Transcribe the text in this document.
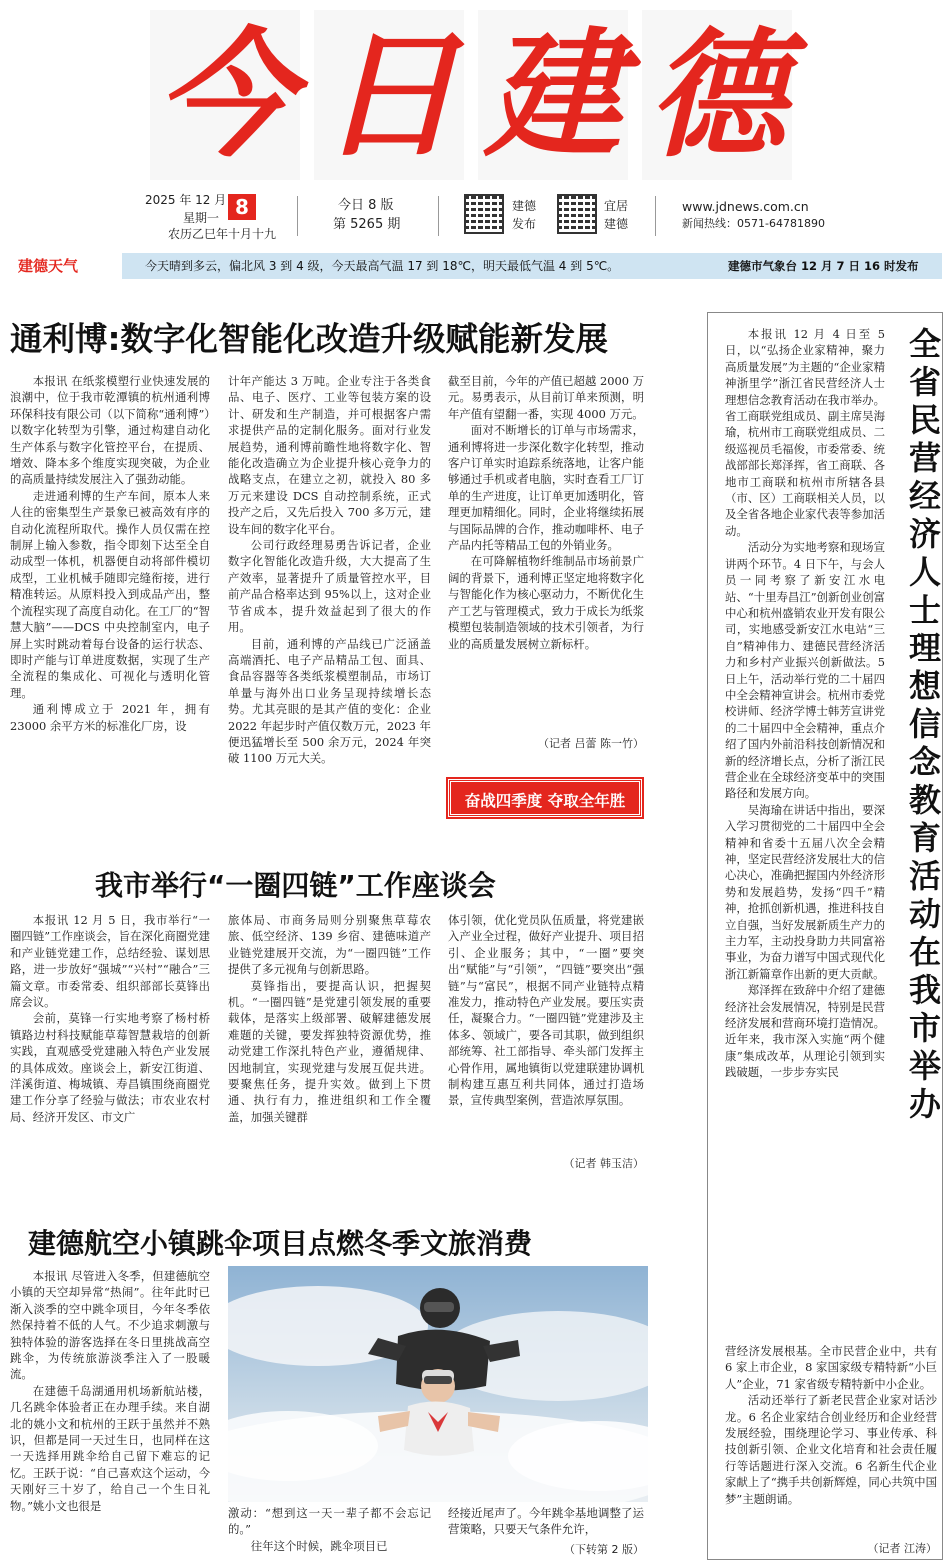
今 日 建 德
2025 年 12 月 8
星期一
农历乙巳年十月十九
今日 8 版
第 5265 期
建德
发布
宜居
建德
www.jdnews.com.cn
新闻热线：0571-64781890
建德天气	今天晴到多云，偏北风 3 到 4 级，今天最高气温 17 到 18℃，明天最低气温 4 到 5℃。	建德市气象台 12 月 7 日 16 时发布
通利博:数字化智能化改造升级赋能新发展

本报讯 在纸浆模塑行业快速发展的浪潮中，位于我市乾潭镇的杭州通利博环保科技有限公司（以下简称“通利博”）以数字化转型为引擎，通过构建自动化生产体系与数字化管控平台，在提质、增效、降本多个维度实现突破，为企业的高质量持续发展注入了强劲动能。

走进通利博的生产车间，原本人来人往的密集型生产景象已被高效有序的自动化流程所取代。操作人员仅需在控制屏上输入参数，指令即刻下达至全自动成型一体机，机器便自动将部件模切成型，工业机械手随即完缝衔接，进行精准转运。从原料投入到成品产出，整个流程实现了高度自动化。在工厂的“智慧大脑”——DCS 中央控制室内，电子屏上实时跳动着每台设备的运行状态、即时产能与订单进度数据，实现了生产全流程的集成化、可视化与透明化管理。

通利博成立于 2021 年，拥有 23000 余平方米的标准化厂房，设

计年产能达 3 万吨。企业专注于各类食品、电子、医疗、工业等包装方案的设计、研发和生产制造，并可根据客户需求提供产品的定制化服务。面对行业发展趋势，通利博前瞻性地将数字化、智能化改造确立为企业提升核心竞争力的战略支点，在建立之初，就投入 80 多万元来建设 DCS 自动控制系统，正式投产之后，又先后投入 700 多万元，建设车间的数字化平台。

公司行政经理易勇告诉记者，企业数字化智能化改造升级，大大提高了生产效率，显著提升了质量管控水平，目前产品合格率达到 95%以上，这对企业节省成本，提升效益起到了很大的作用。

目前，通利博的产品线已广泛涵盖高端酒托、电子产品精品工包、面具、食品容器等各类纸浆模塑制品，市场订单量与海外出口业务呈现持续增长态势。尤其亮眼的是其产值的变化：企业 2022 年起步时产值仅数万元，2023 年便迅猛增长至 500 余万元，2024 年突破 1100 万元大关。

截至目前，今年的产值已超越 2000 万元。易勇表示，从目前订单来预测，明年产值有望翻一番，实现 4000 万元。

面对不断增长的订单与市场需求，通利博将进一步深化数字化转型，推动客户订单实时追踪系统落地，让客户能够通过手机或者电脑，实时查看工厂订单的生产进度，让订单更加透明化，管理更加精细化。同时，企业将继续拓展与国际品牌的合作，推动咖啡杯、电子产品内托等精品工包的外销业务。

在可降解植物纤维制品市场前景广阔的背景下，通利博正坚定地将数字化与智能化作为核心驱动力，不断优化生产工艺与管理模式，致力于成长为纸浆模塑包装制造领域的技术引领者，为行业的高质量发展树立新标杆。

（记者 吕蕾 陈一竹）
奋战四季度 夺取全年胜
我市举行“一圈四链”工作座谈会

本报讯 12 月 5 日，我市举行“一圈四链”工作座谈会，旨在深化商圈党建和产业链党建工作，总结经验、谋划思路，进一步放好“强城”“兴村”“融合”三篇文章。市委常委、组织部部长莫锋出席会议。

会前，莫锋一行实地考察了杨村桥镇路边村科技赋能草莓智慧栽培的创新实践，直观感受党建融入特色产业发展的具体成效。座谈会上，新安江街道、洋溪街道、梅城镇、寿昌镇围绕商圈党建工作分享了经验与做法；市农业农村局、经济开发区、市文广

旅体局、市商务局则分别聚焦草莓农旅、低空经济、139 乡宿、建德味道产业链党建展开交流，为“一圈四链”工作提供了多元视角与创新思路。

莫锋指出，要提高认识，把握契机。“一圈四链”是党建引领发展的重要载体，是落实上级部署、破解建德发展难题的关键，要发挥独特资源优势，推动党建工作深扎特色产业，遵循规律、因地制宜，实现党建与发展互促共进。要聚焦任务，提升实效。做到上下贯通、执行有力，推进组织和工作全覆盖，加强关键群

体引领，优化党员队伍质量，将党建嵌入产业全过程，做好产业提升、项目招引、企业服务；其中，“一圈”要突出“赋能”与“引领”，“四链”要突出“强链”与“富民”，根据不同产业链特点精准发力，推动特色产业发展。要压实责任，凝聚合力。“一圈四链”党建涉及主体多、领域广，要各司其职，做到组织部统筹、社工部指导、牵头部门发挥主心骨作用，属地镇街以党建联建协调机制构建互惠互利共同体，通过打造场景，宣传典型案例，营造浓厚氛围。

（记者 韩玉洁）
建德航空小镇跳伞项目点燃冬季文旅消费

本报讯 尽管进入冬季，但建德航空小镇的天空却异常“热闹”。往年此时已渐入淡季的空中跳伞项目，今年冬季依然保持着不低的人气。不少追求刺激与独特体验的游客选择在冬日里挑战高空跳伞，为传统旅游淡季注入了一股暖流。

在建德千岛湖通用机场新航站楼，几名跳伞体验者正在办理手续。来自湖北的姚小文和杭州的王跃于虽然并不熟识，但都是同一天过生日，也同样在这一天选择用跳伞给自己留下难忘的记忆。王跃于说：“自己喜欢这个运动，今天刚好三十岁了，给自己一个生日礼物。”姚小文也很是

激动：“想到这一天一辈子都不会忘记的。”

往年这个时候，跳伞项目已

经接近尾声了。今年跳伞基地调整了运营策略，只要天气条件允许，

（下转第 2 版）
全省民营经济人士理想信念教育活动在我市举办

本报讯 12 月 4 日至 5 日，以“弘扬企业家精神，聚力高质量发展”为主题的“企业家精神浙里学”浙江省民营经济人士理想信念教育活动在我市举办。省工商联党组成员、副主席吴海瑜，杭州市工商联党组成员、二级巡视员毛福俊，市委常委、统战部部长郑泽挥，省工商联、各地市工商联和杭州市所辖各县（市、区）工商联相关人员，以及全省各地企业家代表等参加活动。

活动分为实地考察和现场宣讲两个环节。4 日下午，与会人员一同考察了新安江水电站、“十里寿昌江”创新创业创富中心和杭州盛销农业开发有限公司，实地感受新安江水电站“三自”精神伟力、建德民营经济活力和乡村产业振兴创新做法。5 日上午，活动举行党的二十届四中全会精神宣讲会。杭州市委党校讲师、经济学博士韩芳宣讲党的二十届四中全会精神，重点介绍了国内外前沿科技创新情况和新的经济增长点，分析了浙江民营企业在全球经济变革中的突围路径和发展方向。

吴海瑜在讲话中指出，要深入学习贯彻党的二十届四中全会精神和省委十五届八次全会精神，坚定民营经济发展壮大的信心决心，准确把握国内外经济形势和发展趋势，发扬“四千”精神，抢抓创新机遇，推进科技自立自强，当好发展新质生产力的主力军，主动投身助力共同富裕事业，为奋力谱写中国式现代化浙江新篇章作出新的更大贡献。

郑泽挥在致辞中介绍了建德经济社会发展情况，特别是民营经济发展和营商环境打造情况。近年来，我市深入实施“两个健康”集成改革，从理论引领到实践破题，一步步夯实民

营经济发展根基。全市民营企业中，共有 6 家上市企业，8 家国家级专精特新“小巨人”企业，71 家省级专精特新中小企业。

活动还举行了新老民营企业家对话沙龙。6 名企业家结合创业经历和企业经营发展经验，围绕理论学习、事业传承、科技创新引领、企业文化培育和社会责任履行等话题进行深入交流。6 名新生代企业家献上了“携手共创新辉煌，同心共筑中国梦”主题朗诵。

（记者 江涛）
